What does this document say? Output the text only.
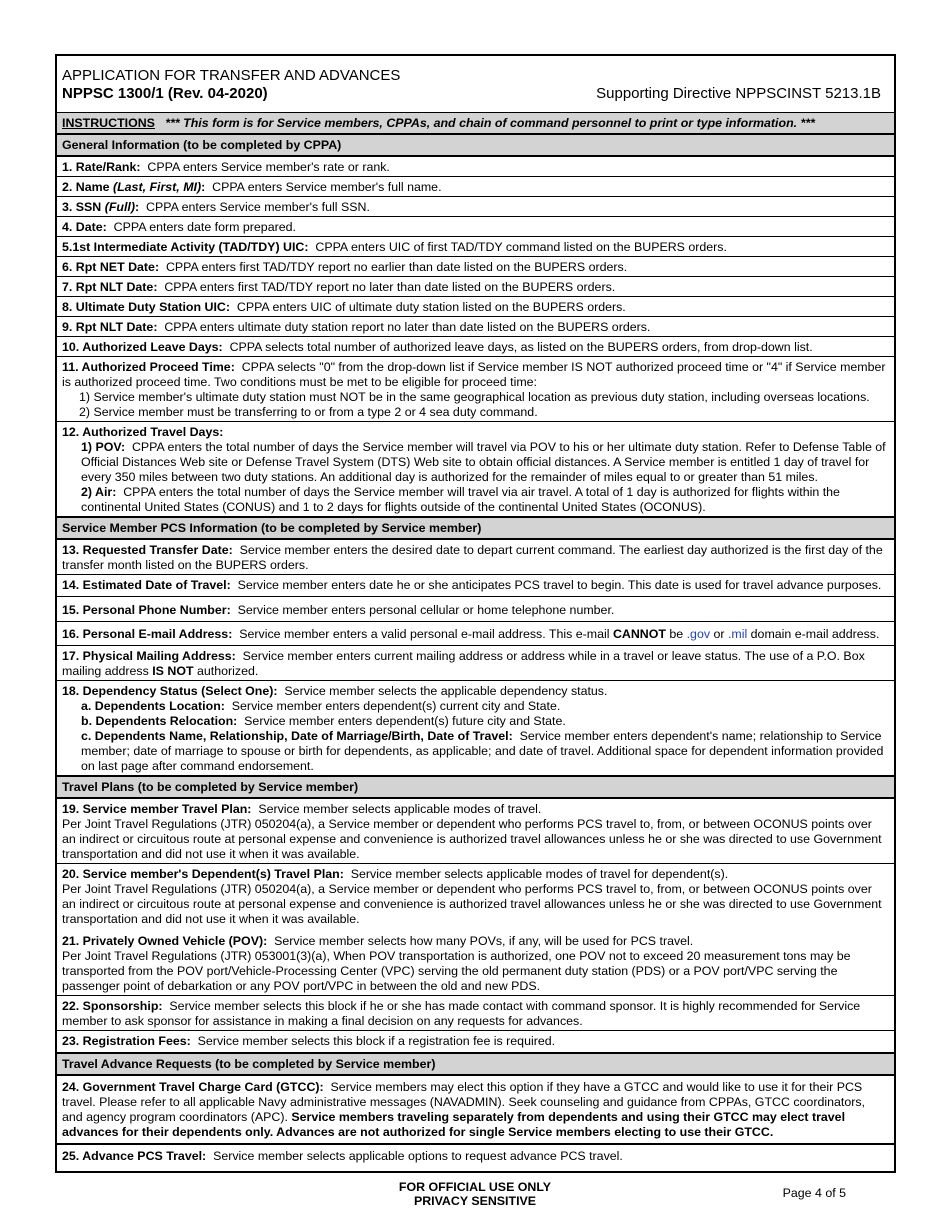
APPLICATION FOR TRANSFER AND ADVANCES
NPPSC 1300/1 (Rev. 04-2020)	Supporting Directive NPPSCINST 5213.1B
INSTRUCTIONS *** This form is for Service members, CPPAs, and chain of command personnel to print or type information. ***
General Information (to be completed by CPPA)
1. Rate/Rank: CPPA enters Service member's rate or rank.
2. Name (Last, First, MI): CPPA enters Service member's full name.
3. SSN (Full): CPPA enters Service member's full SSN.
4. Date: CPPA enters date form prepared.
5.1st Intermediate Activity (TAD/TDY) UIC: CPPA enters UIC of first TAD/TDY command listed on the BUPERS orders.
6. Rpt NET Date: CPPA enters first TAD/TDY report no earlier than date listed on the BUPERS orders.
7. Rpt NLT Date: CPPA enters first TAD/TDY report no later than date listed on the BUPERS orders.
8. Ultimate Duty Station UIC: CPPA enters UIC of ultimate duty station listed on the BUPERS orders.
9. Rpt NLT Date: CPPA enters ultimate duty station report no later than date listed on the BUPERS orders.
10. Authorized Leave Days: CPPA selects total number of authorized leave days, as listed on the BUPERS orders, from drop-down list.
11. Authorized Proceed Time: CPPA selects "0" from the drop-down list if Service member IS NOT authorized proceed time or "4" if Service member is authorized proceed time. Two conditions must be met to be eligible for proceed time:
1) Service member's ultimate duty station must NOT be in the same geographical location as previous duty station, including overseas locations.
2) Service member must be transferring to or from a type 2 or 4 sea duty command.
12. Authorized Travel Days:
1) POV: CPPA enters the total number of days the Service member will travel via POV to his or her ultimate duty station. Refer to Defense Table of Official Distances Web site or Defense Travel System (DTS) Web site to obtain official distances. A Service member is entitled 1 day of travel for every 350 miles between two duty stations. An additional day is authorized for the remainder of miles equal to or greater than 51 miles.
2) Air: CPPA enters the total number of days the Service member will travel via air travel. A total of 1 day is authorized for flights within the continental United States (CONUS) and 1 to 2 days for flights outside of the continental United States (OCONUS).
Service Member PCS Information (to be completed by Service member)
13. Requested Transfer Date: Service member enters the desired date to depart current command. The earliest day authorized is the first day of the transfer month listed on the BUPERS orders.
14. Estimated Date of Travel: Service member enters date he or she anticipates PCS travel to begin. This date is used for travel advance purposes.
15. Personal Phone Number: Service member enters personal cellular or home telephone number.
16. Personal E-mail Address: Service member enters a valid personal e-mail address. This e-mail CANNOT be .gov or .mil domain e-mail address.
17. Physical Mailing Address: Service member enters current mailing address or address while in a travel or leave status. The use of a P.O. Box mailing address IS NOT authorized.
18. Dependency Status (Select One): Service member selects the applicable dependency status.
a. Dependents Location: Service member enters dependent(s) current city and State.
b. Dependents Relocation: Service member enters dependent(s) future city and State.
c. Dependents Name, Relationship, Date of Marriage/Birth, Date of Travel: Service member enters dependent's name; relationship to Service member; date of marriage to spouse or birth for dependents, as applicable; and date of travel. Additional space for dependent information provided on last page after command endorsement.
Travel Plans (to be completed by Service member)
19. Service member Travel Plan: Service member selects applicable modes of travel.
Per Joint Travel Regulations (JTR) 050204(a), a Service member or dependent who performs PCS travel to, from, or between OCONUS points over an indirect or circuitous route at personal expense and convenience is authorized travel allowances unless he or she was directed to use Government transportation and did not use it when it was available.
20. Service member's Dependent(s) Travel Plan: Service member selects applicable modes of travel for dependent(s).
Per Joint Travel Regulations (JTR) 050204(a), a Service member or dependent who performs PCS travel to, from, or between OCONUS points over an indirect or circuitous route at personal expense and convenience is authorized travel allowances unless he or she was directed to use Government transportation and did not use it when it was available.
21. Privately Owned Vehicle (POV): Service member selects how many POVs, if any, will be used for PCS travel.
Per Joint Travel Regulations (JTR) 053001(3)(a), When POV transportation is authorized, one POV not to exceed 20 measurement tons may be transported from the POV port/Vehicle-Processing Center (VPC) serving the old permanent duty station (PDS) or a POV port/VPC serving the passenger point of debarkation or any POV port/VPC in between the old and new PDS.
22. Sponsorship: Service member selects this block if he or she has made contact with command sponsor. It is highly recommended for Service member to ask sponsor for assistance in making a final decision on any requests for advances.
23. Registration Fees: Service member selects this block if a registration fee is required.
Travel Advance Requests (to be completed by Service member)
24. Government Travel Charge Card (GTCC): Service members may elect this option if they have a GTCC and would like to use it for their PCS travel. Please refer to all applicable Navy administrative messages (NAVADMIN). Seek counseling and guidance from CPPAs, GTCC coordinators, and agency program coordinators (APC). Service members traveling separately from dependents and using their GTCC may elect travel advances for their dependents only. Advances are not authorized for single Service members electing to use their GTCC.
25. Advance PCS Travel: Service member selects applicable options to request advance PCS travel.
FOR OFFICIAL USE ONLY
PRIVACY SENSITIVE
Page 4 of 5
